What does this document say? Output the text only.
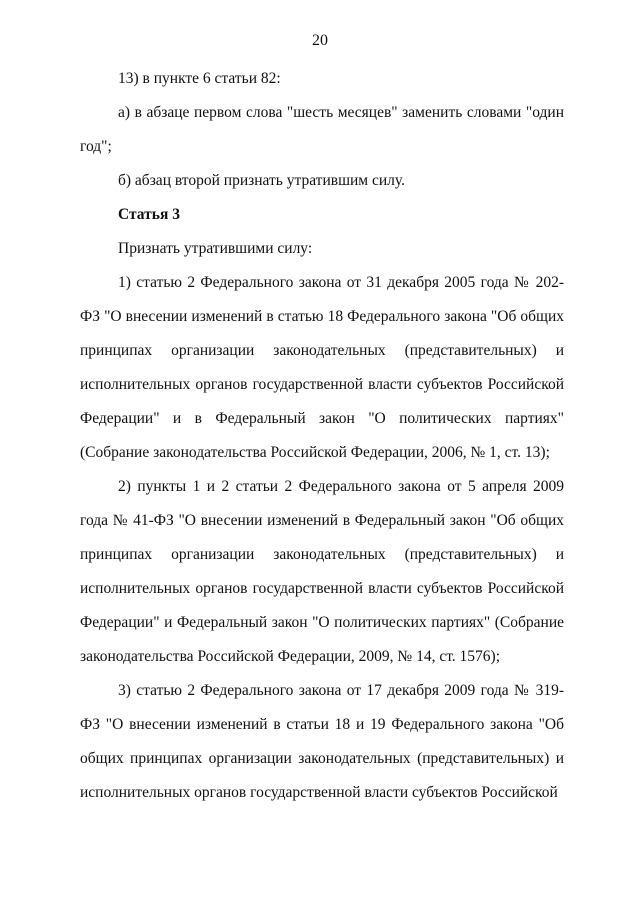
20

13) в пункте 6 статьи 82:

а) в абзаце первом слова "шесть месяцев" заменить словами "один год";

б) абзац второй признать утратившим силу.

Статья 3

Признать утратившими силу:

1) статью 2 Федерального закона от 31 декабря 2005 года № 202-ФЗ "О внесении изменений в статью 18 Федерального закона "Об общих принципах организации законодательных (представительных) и исполнительных органов государственной власти субъектов Российской Федерации" и в Федеральный закон "О политических партиях" (Собрание законодательства Российской Федерации, 2006, № 1, ст. 13);

2) пункты 1 и 2 статьи 2 Федерального закона от 5 апреля 2009 года № 41-ФЗ "О внесении изменений в Федеральный закон "Об общих принципах организации законодательных (представительных) и исполнительных органов государственной власти субъектов Российской Федерации" и Федеральный закон "О политических партиях" (Собрание законодательства Российской Федерации, 2009, № 14, ст. 1576);

3) статью 2 Федерального закона от 17 декабря 2009 года № 319-ФЗ "О внесении изменений в статьи 18 и 19 Федерального закона "Об общих принципах организации законодательных (представительных) и исполнительных органов государственной власти субъектов Российской
